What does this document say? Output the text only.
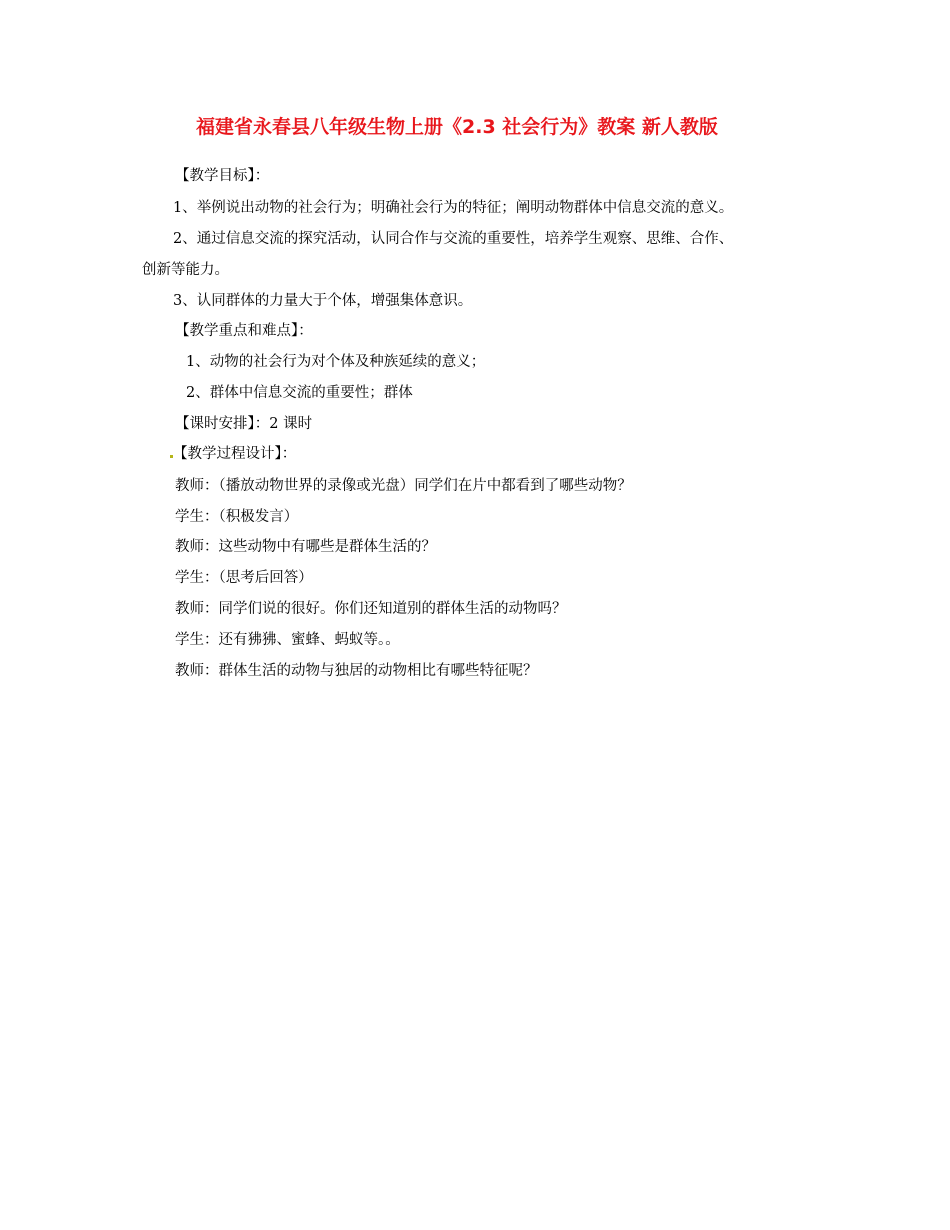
福建省永春县八年级生物上册《2.3 社会行为》教案 新人教版
【教学目标】：
1、举例说出动物的社会行为；明确社会行为的特征；阐明动物群体中信息交流的意义。
2、通过信息交流的探究活动，认同合作与交流的重要性，培养学生观察、思维、合作、
创新等能力。
3、认同群体的力量大于个体，增强集体意识。
【教学重点和难点】：
1、动物的社会行为对个体及种族延续的意义；
2、群体中信息交流的重要性；群体
【课时安排】：2 课时
【教学过程设计】：
教师：（播放动物世界的录像或光盘）同学们在片中都看到了哪些动物？
学生：（积极发言）
教师：这些动物中有哪些是群体生活的？
学生：（思考后回答）
教师：同学们说的很好。你们还知道别的群体生活的动物吗？
学生：还有狒狒、蜜蜂、蚂蚁等。。
教师：群体生活的动物与独居的动物相比有哪些特征呢？
